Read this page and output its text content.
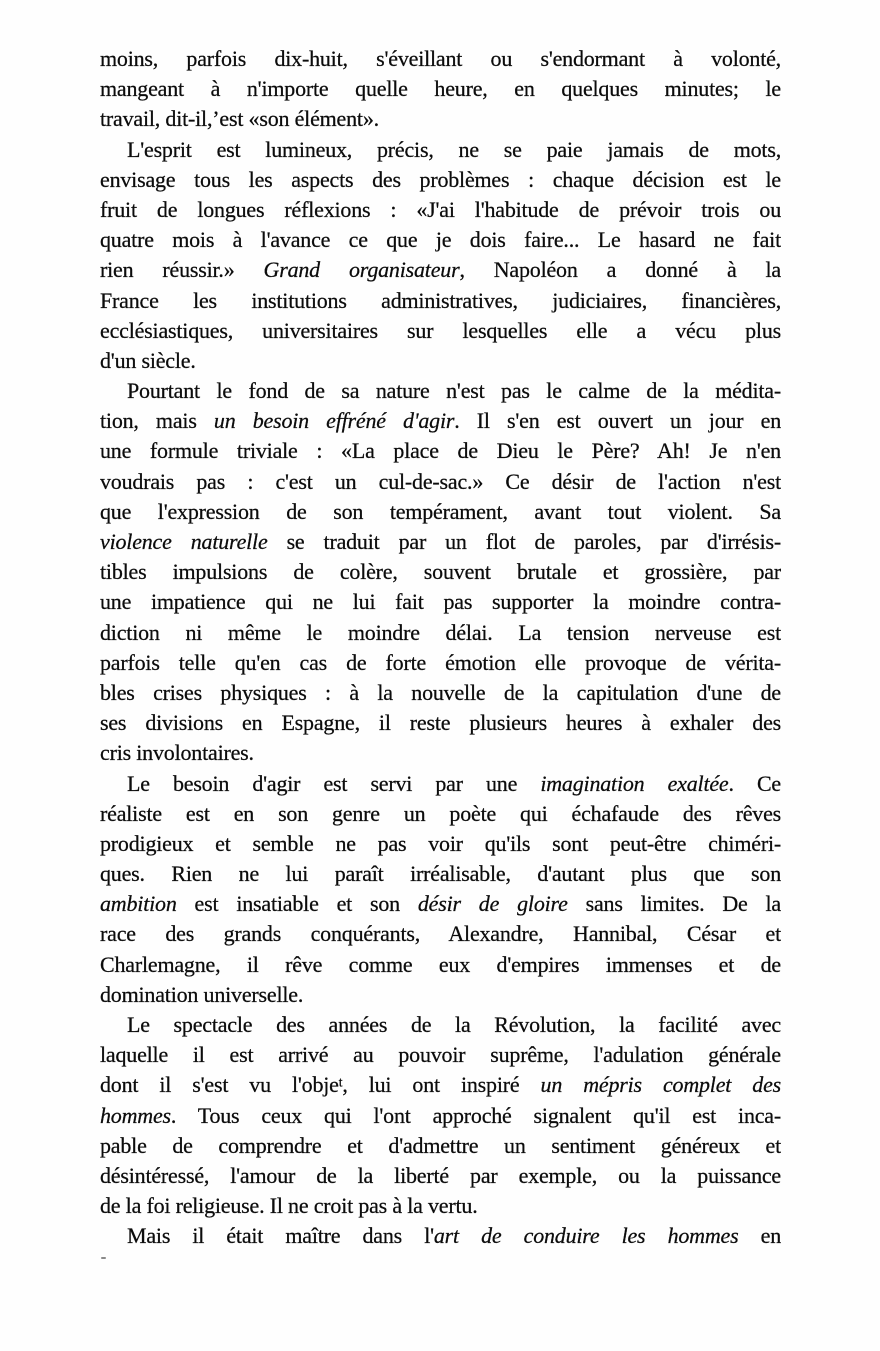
moins, parfois dix-huit, s'éveillant ou s'endormant à volonté,
mangeant à n'importe quelle heure, en quelques minutes; le
travail, dit-il,’est «son élément».
L'esprit est lumineux, précis, ne se paie jamais de mots,
envisage tous les aspects des problèmes : chaque décision est le
fruit de longues réflexions : «J'ai l'habitude de prévoir trois ou
quatre mois à l'avance ce que je dois faire... Le hasard ne fait
rien réussir.» Grand organisateur, Napoléon a donné à la
France les institutions administratives, judiciaires, financières,
ecclésiastiques, universitaires sur lesquelles elle a vécu plus
d'un siècle.
Pourtant le fond de sa nature n'est pas le calme de la médita-
tion, mais un besoin effréné d'agir. Il s'en est ouvert un jour en
une formule triviale : «La place de Dieu le Père? Ah! Je n'en
voudrais pas : c'est un cul-de-sac.» Ce désir de l'action n'est
que l'expression de son tempérament, avant tout violent. Sa
violence naturelle se traduit par un flot de paroles, par d'irrésis-
tibles impulsions de colère, souvent brutale et grossière, par
une impatience qui ne lui fait pas supporter la moindre contra-
diction ni même le moindre délai. La tension nerveuse est
parfois telle qu'en cas de forte émotion elle provoque de vérita-
bles crises physiques : à la nouvelle de la capitulation d'une de
ses divisions en Espagne, il reste plusieurs heures à exhaler des
cris involontaires.
Le besoin d'agir est servi par une imagination exaltée. Ce
réaliste est en son genre un poète qui échafaude des rêves
prodigieux et semble ne pas voir qu'ils sont peut-être chiméri-
ques. Rien ne lui paraît irréalisable, d'autant plus que son
ambition est insatiable et son désir de gloire sans limites. De la
race des grands conquérants, Alexandre, Hannibal, César et
Charlemagne, il rêve comme eux d'empires immenses et de
domination universelle.
Le spectacle des années de la Révolution, la facilité avec
laquelle il est arrivé au pouvoir suprême, l'adulation générale
dont il s'est vu l'obje$^t$, lui ont inspiré un mépris complet des
hommes. Tous ceux qui l'ont approché signalent qu'il est inca-
pable de comprendre et d'admettre un sentiment généreux et
désintéressé, l'amour de la liberté par exemple, ou la puissance
de la foi religieuse. Il ne croit pas à la vertu.
Mais il était maître dans l'art de conduire les hommes en
